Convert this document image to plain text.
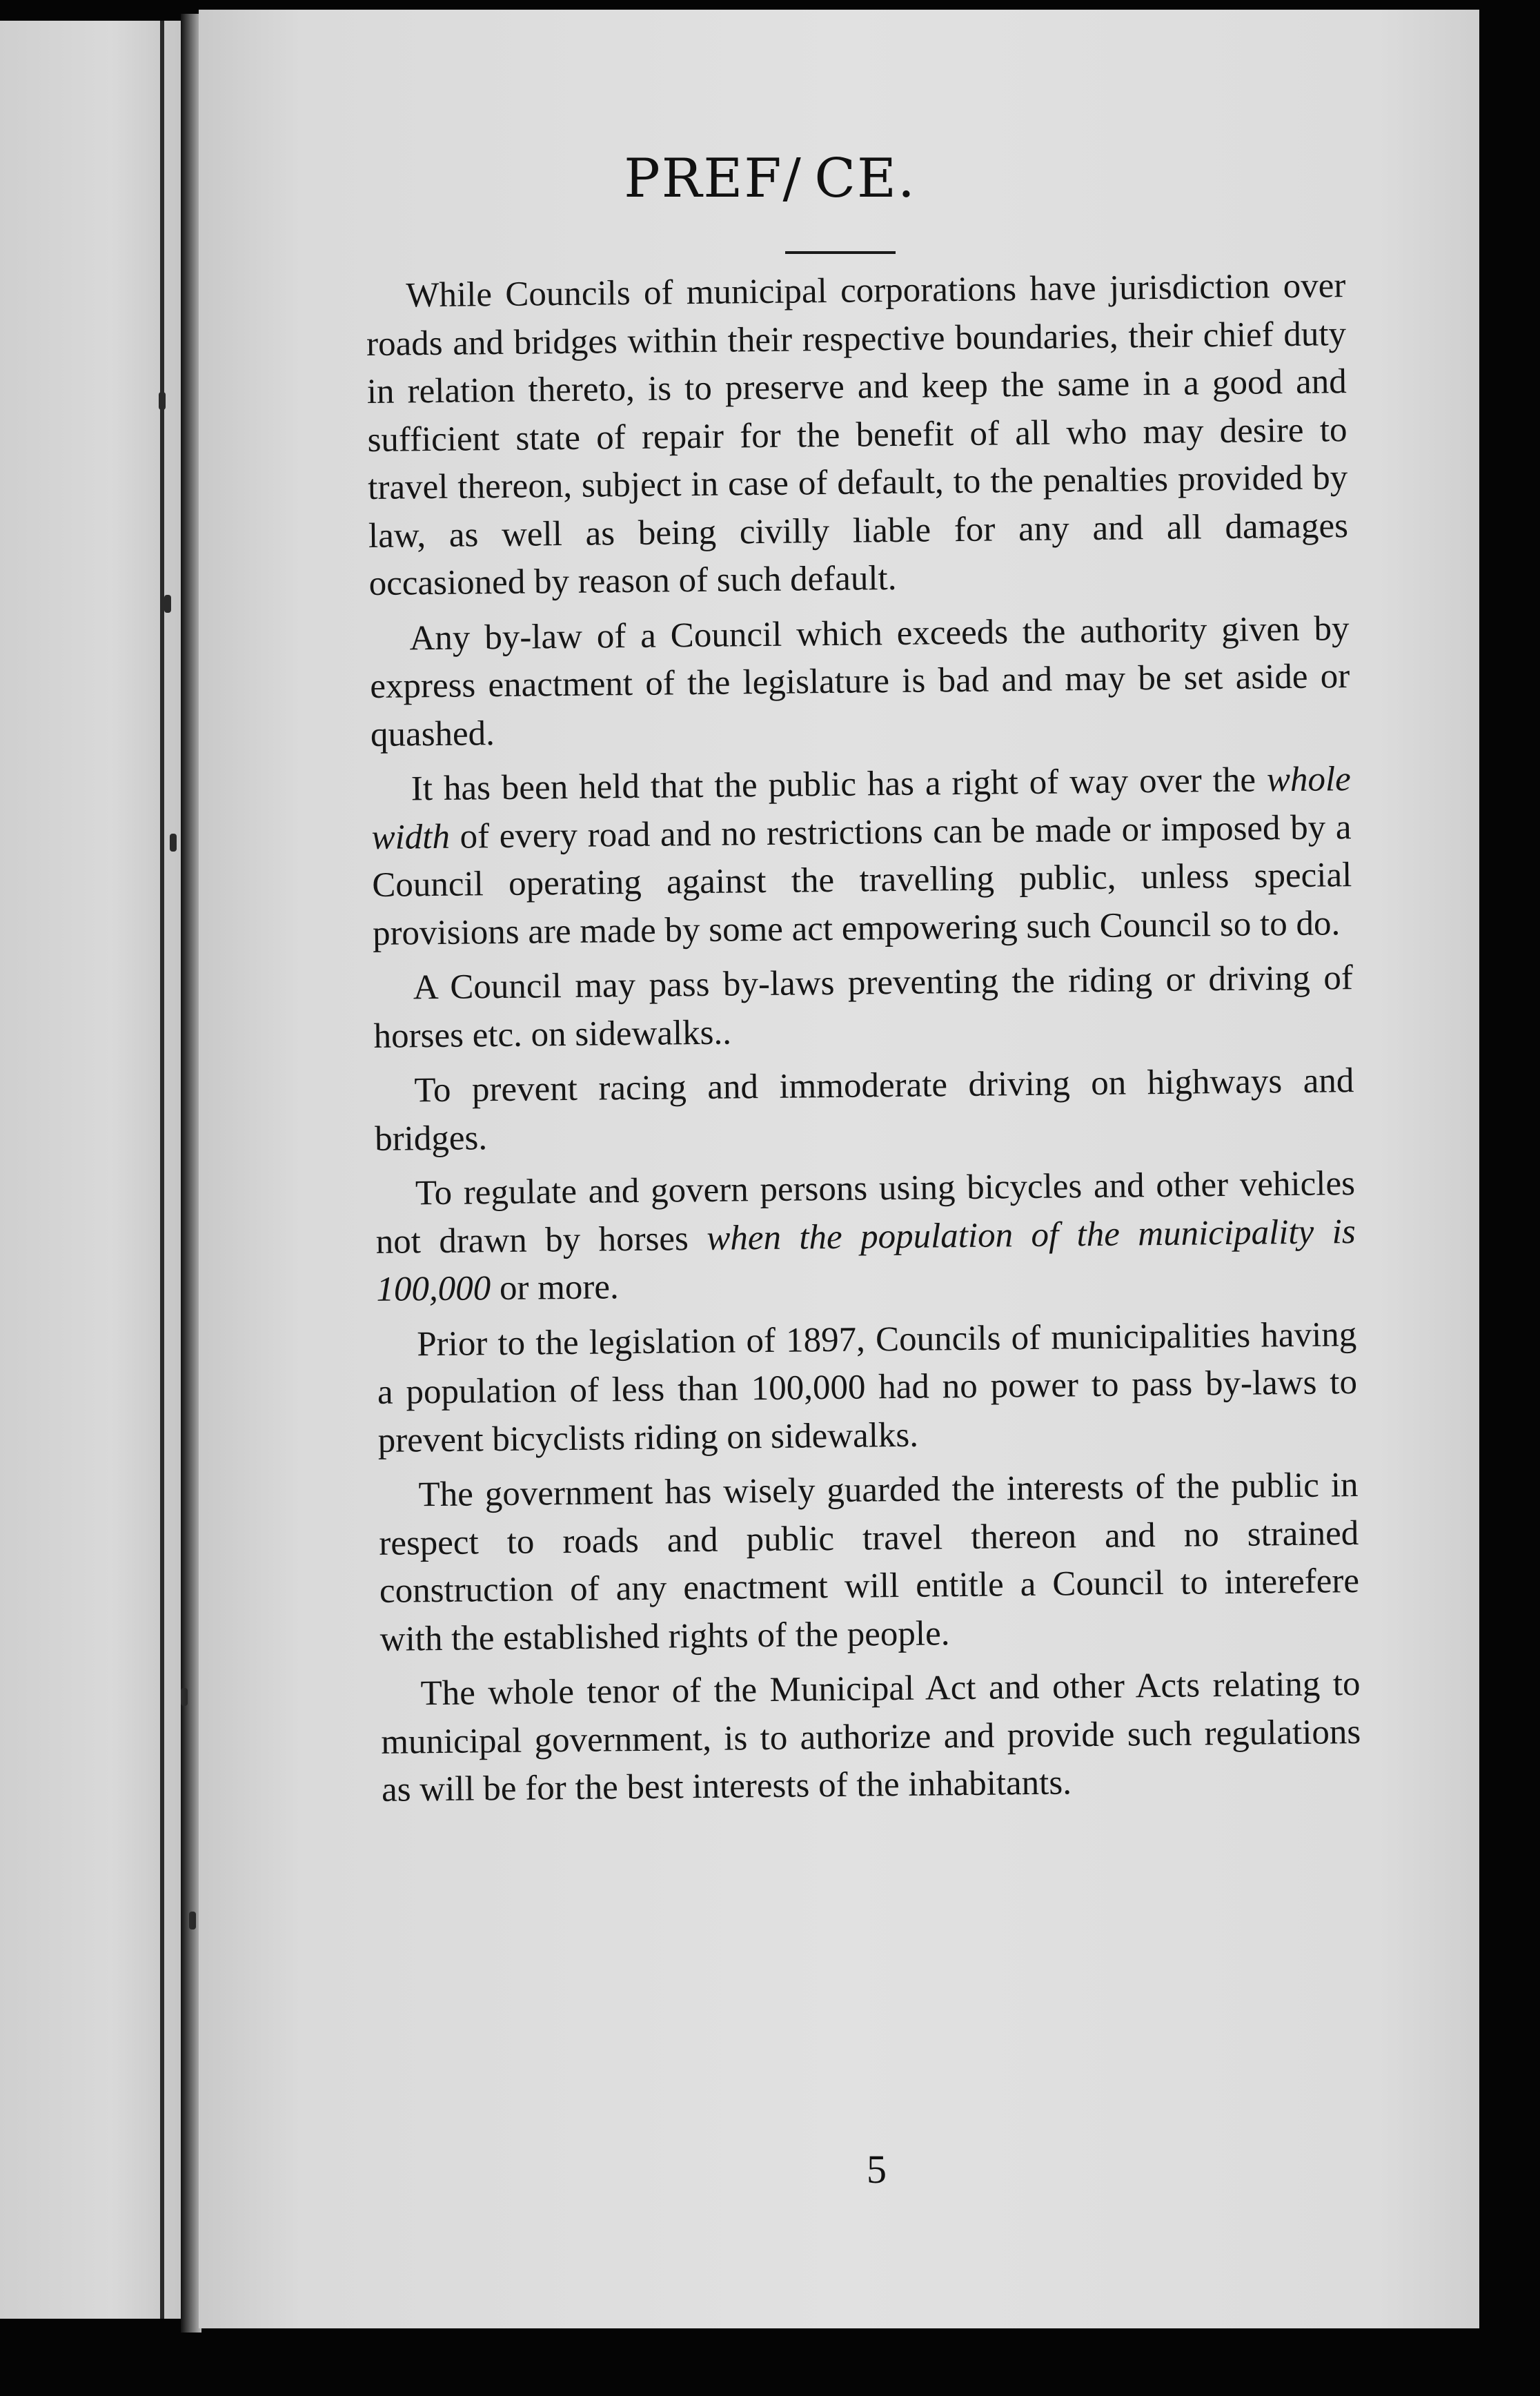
PREF/ CE.

While Councils of municipal corporations have jurisdiction over roads and bridges within their respective boundaries, their chief duty in relation thereto, is to preserve and keep the same in a good and sufficient state of repair for the benefit of all who may desire to travel thereon, subject in case of default, to the penalties provided by law, as well as being civilly liable for any and all damages occasioned by reason of such default.

Any by-law of a Council which exceeds the authority given by express enactment of the legislature is bad and may be set aside or quashed.

It has been held that the public has a right of way over the whole width of every road and no restrictions can be made or imposed by a Council operating against the travelling public, unless special provisions are made by some act empowering such Council so to do.

A Council may pass by-laws preventing the riding or driving of horses etc. on sidewalks..

To prevent racing and immoderate driving on highways and bridges.

To regulate and govern persons using bicycles and other vehicles not drawn by horses when the population of the municipality is 100,000 or more.

Prior to the legislation of 1897, Councils of municipalities having a population of less than 100,000 had no power to pass by-laws to prevent bicyclists riding on sidewalks.

The government has wisely guarded the interests of the public in respect to roads and public travel thereon and no strained construction of any enactment will entitle a Council to interefere with the established rights of the people.

The whole tenor of the Municipal Act and other Acts relating to municipal government, is to authorize and provide such regulations as will be for the best interests of the inhabitants.

5
